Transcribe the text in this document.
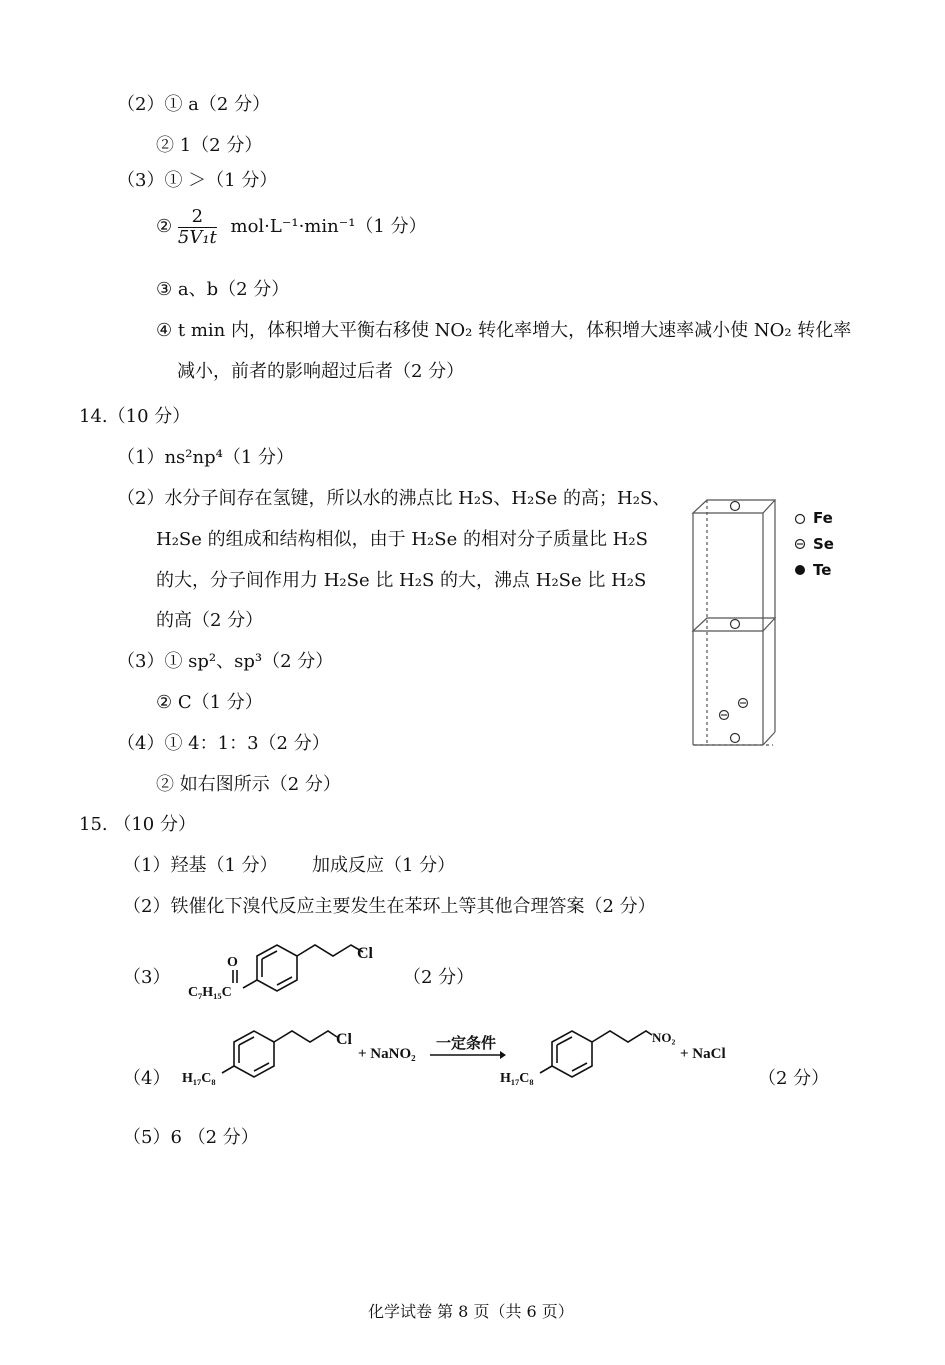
（2）① a（2 分）
② 1（2 分）
（3）① ＞（1 分）
② $\frac{2}{\text{5V₁t}} mol\cdot L^{-1}\cdot\min^{-1}(1$ 分）
③ a、b（2 分）
④ t min 内，体积增大平衡右移使 NO₂ 转化率增大，体积增大速率减小使 NO₂ 转化率
减小，前者的影响超过后者（2 分）
14.（10 分）
（1）ns²np⁴（1 分）
（2）水分子间存在氢键，所以水的沸点比 H₂S、H₂Se 的高；H₂S、
H₂Se 的组成和结构相似，由于 H₂Se 的相对分子质量比 H₂S
的大，分子间作用力 H₂Se 比 H₂S 的大，沸点 H₂Se 比 H₂S
的高（2 分）
（3）① sp²、sp³（2 分）
② C（1 分）
（4）① 4：1：3（2 分）
② 如右图所示（2 分）
Fe
Se
Te
15. （10 分）
（1）羟基（1 分）      加成反应（1 分）
（2）铁催化下溴代反应主要发生在苯环上等其他合理答案（2 分）
（3）
O
Cl
C₇H₁₅C
（2 分）
（4）
Cl
H₁₇C₈
+ NaNO₂
一定条件	NO₂
H₁₇C₈
+ NaCl
（2 分）
（5）6 （2 分）
化学试卷 第 8 页（共 6 页）
